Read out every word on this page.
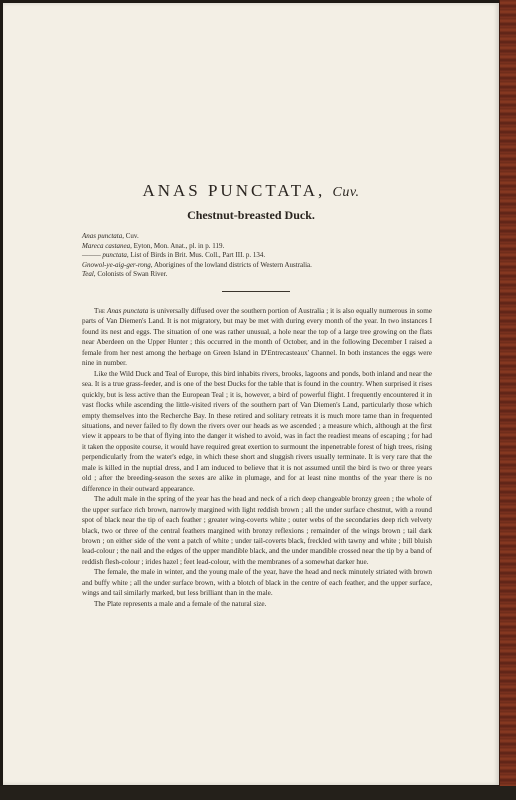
ANAS PUNCTATA, Cuv.
Chestnut-breasted Duck.
Anas punctata, Cuv.
Mareca castanea, Eyton, Mon. Anat., pl. in p. 119.
——— punctata, List of Birds in Brit. Mus. Coll., Part III. p. 134.
Gnowol-ye-aig-ger-rong, Aborigines of the lowland districts of Western Australia.
Teal, Colonists of Swan River.

The Anas punctata is universally diffused over the southern portion of Australia ; it is also equally numerous in some parts of Van Diemen's Land. It is not migratory, but may be met with during every month of the year. In two instances I found its nest and eggs. The situation of one was rather unusual, a hole near the top of a large tree growing on the flats near Aberdeen on the Upper Hunter ; this occurred in the month of October, and in the following December I raised a female from her nest among the herbage on Green Island in D'Entrecasteaux' Channel. In both instances the eggs were nine in number.

Like the Wild Duck and Teal of Europe, this bird inhabits rivers, brooks, lagoons and ponds, both inland and near the sea. It is a true grass-feeder, and is one of the best Ducks for the table that is found in the country. When surprised it rises quickly, but is less active than the European Teal ; it is, however, a bird of powerful flight. I frequently encountered it in vast flocks while ascending the little-visited rivers of the southern part of Van Diemen's Land, particularly those which empty themselves into the Recherche Bay. In these retired and solitary retreats it is much more tame than in frequented situations, and never failed to fly down the rivers over our heads as we ascended ; a measure which, although at the first view it appears to be that of flying into the danger it wished to avoid, was in fact the readiest means of escaping ; for had it taken the opposite course, it would have required great exertion to surmount the inpenetrable forest of high trees, rising perpendicularly from the water's edge, in which these short and sluggish rivers usually terminate. It is very rare that the male is killed in the nuptial dress, and I am induced to believe that it is not assumed until the bird is two or three years old ; after the breeding-season the sexes are alike in plumage, and for at least nine months of the year there is no difference in their outward appearance.

The adult male in the spring of the year has the head and neck of a rich deep changeable bronzy green ; the whole of the upper surface rich brown, narrowly margined with light reddish brown ; all the under surface chestnut, with a round spot of black near the tip of each feather ; greater wing-coverts white ; outer webs of the secondaries deep rich velvety black, two or three of the central feathers margined with bronzy reflexions ; remainder of the wings brown ; tail dark brown ; on either side of the vent a patch of white ; under tail-coverts black, freckled with tawny and white ; bill bluish lead-colour ; the nail and the edges of the upper mandible black, and the under mandible crossed near the tip by a band of reddish flesh-colour ; irides hazel ; feet lead-colour, with the membranes of a somewhat darker hue.

The female, the male in winter, and the young male of the year, have the head and neck minutely striated with brown and buffy white ; all the under surface brown, with a blotch of black in the centre of each feather, and the upper surface, wings and tail similarly marked, but less brilliant than in the male.

The Plate represents a male and a female of the natural size.
